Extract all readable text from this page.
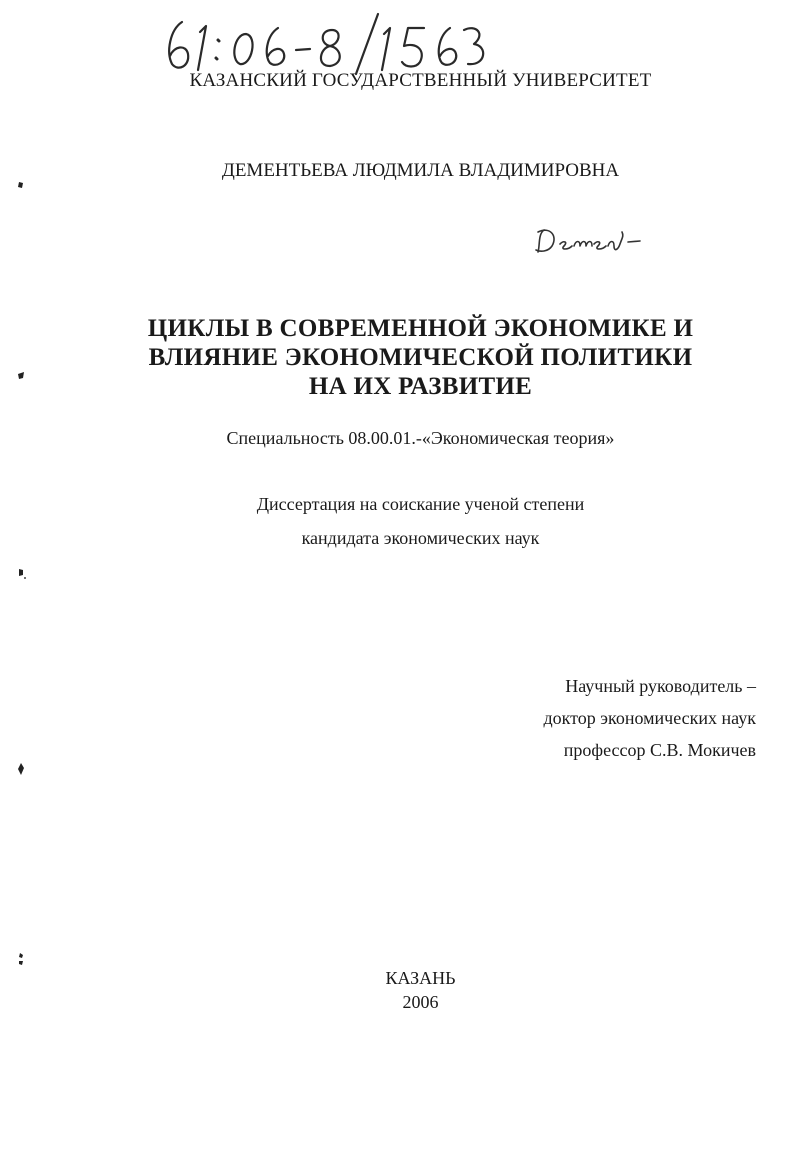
КАЗАНСКИЙ ГОСУДАРСТВЕННЫЙ УНИВЕРСИТЕТ
ДЕМЕНТЬЕВА ЛЮДМИЛА ВЛАДИМИРОВНА
ЦИКЛЫ В СОВРЕМЕННОЙ ЭКОНОМИКЕ И
ВЛИЯНИЕ ЭКОНОМИЧЕСКОЙ ПОЛИТИКИ
НА ИХ РАЗВИТИЕ
Специальность 08.00.01.-«Экономическая теория»
Диссертация на соискание ученой степени
кандидата экономических наук
Научный руководитель –
доктор экономических наук
профессор С.В. Мокичев
КАЗАНЬ
2006
